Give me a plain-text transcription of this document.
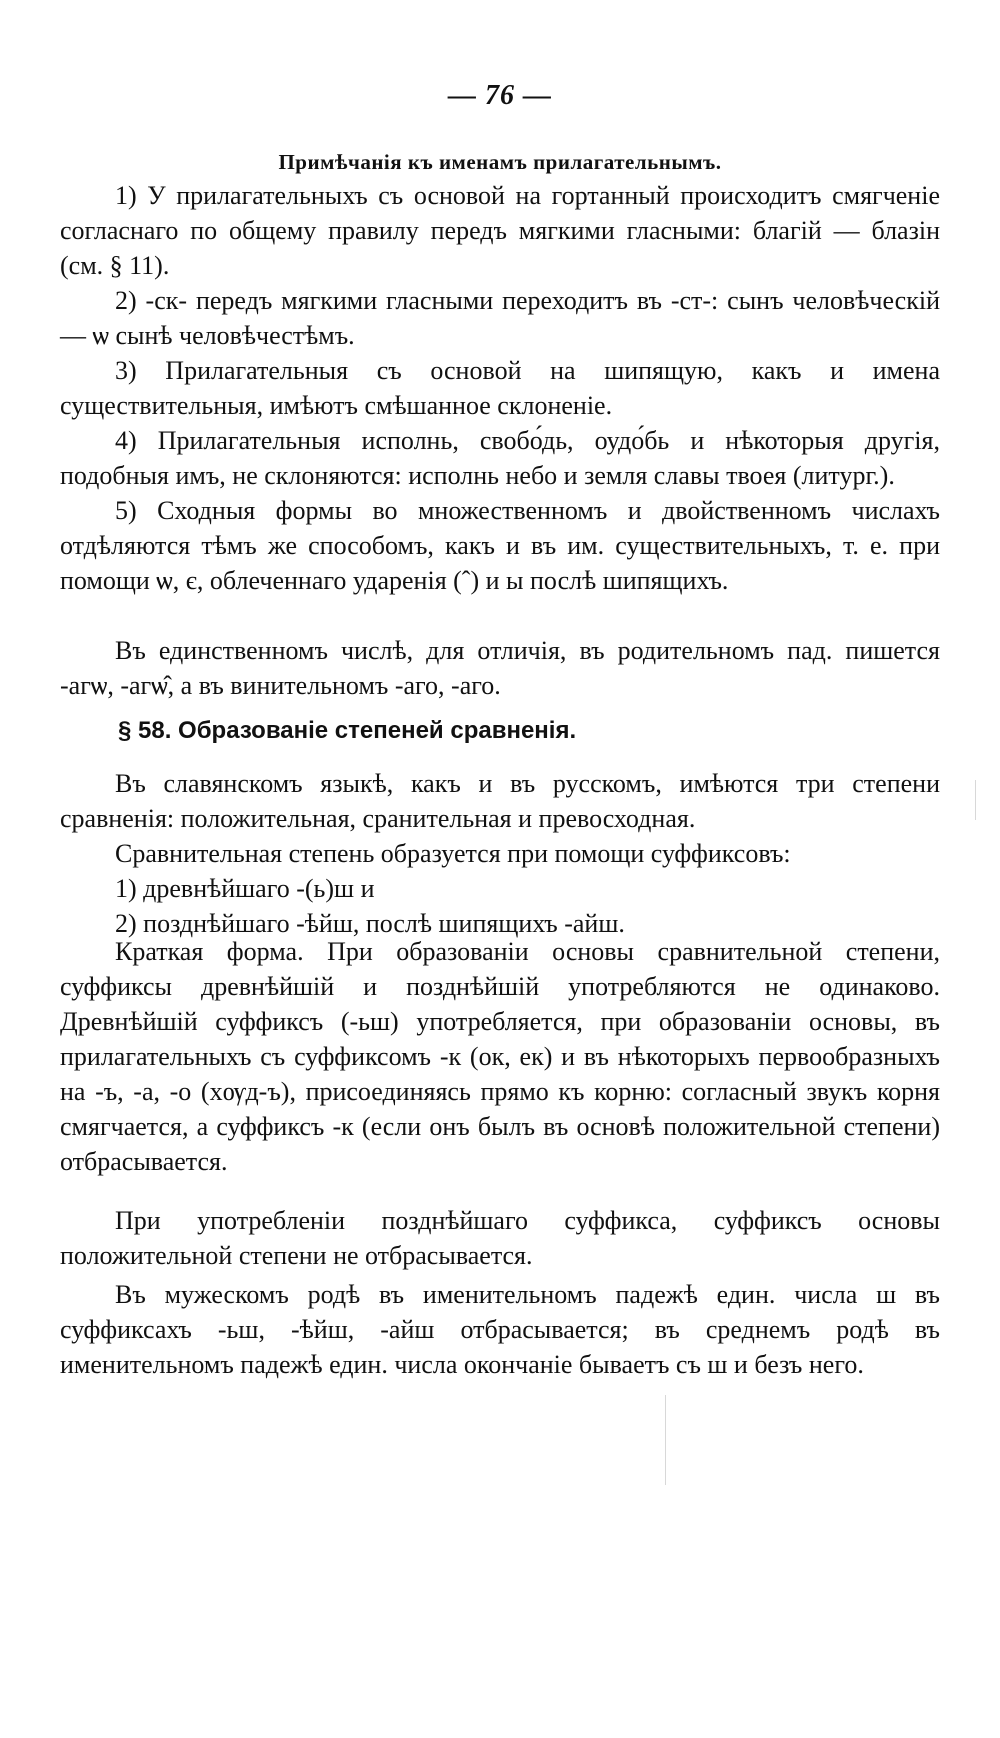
— 76 —
Примѣчанія къ именамъ прилагательнымъ.

1) У прилагательныхъ съ основой на гортанный происходитъ смягченіе согласнаго по общему правилу передъ мягкими гласными: благій — блазін (см. § 11).

2) -ск- передъ мягкими гласными переходитъ въ -ст-: сынъ человѣческій — ѡ сынѣ человѣчестѣмъ.

3) Прилагательныя съ основой на шипящую, какъ и имена существительныя, имѣютъ смѣшанное склоненіе.

4) Прилагательныя исполнь, свобо́дь, оудо́бь и нѣкоторыя другія, подобныя имъ, не склоняются: исполнь небо и земля славы твоея (литург.).

5) Сходныя формы во множественномъ и двойственномъ числахъ отдѣляются тѣмъ же способомъ, какъ и въ им. существительныхъ, т. е. при помощи ѡ, є, облеченнаго ударенія (ˆ) и ы послѣ шипящихъ.

Въ единственномъ числѣ, для отличія, въ родительномъ пад. пишется -агѡ, -агѡ̂, а въ винительномъ -аго, -аго.

§ 58. Образованіе степеней сравненія.

Въ славянскомъ языкѣ, какъ и въ русскомъ, имѣются три степени сравненія: положительная, сранительная и превосходная.

Сравнительная степень образуется при помощи суффиксовъ:

1) древнѣйшаго -(ь)ш и

2) позднѣйшаго -ѣйш, послѣ шипящихъ -айш.

Краткая форма. При образованіи основы сравнительной степени, суффиксы древнѣйшій и позднѣйшій употребляются не одинаково. Древнѣйшій суффиксъ (-ьш) употребляется, при образованіи основы, въ прилагательныхъ съ суффиксомъ -к (ок, ек) и въ нѣкоторыхъ первообразныхъ на -ъ, -а, -о (хѹд-ъ), присоединяясь прямо къ корню: согласный звукъ корня смягчается, а суффиксъ -к (если онъ былъ въ основѣ положительной степени) отбрасывается.

При употребленіи позднѣйшаго суффикса, суффиксъ основы положительной степени не отбрасывается.

Въ мужескомъ родѣ въ именительномъ падежѣ един. числа ш въ суффиксахъ -ьш, -ѣйш, -айш отбрасывается; въ среднемъ родѣ въ именительномъ падежѣ един. числа окончаніе бываетъ съ ш и безъ него.
